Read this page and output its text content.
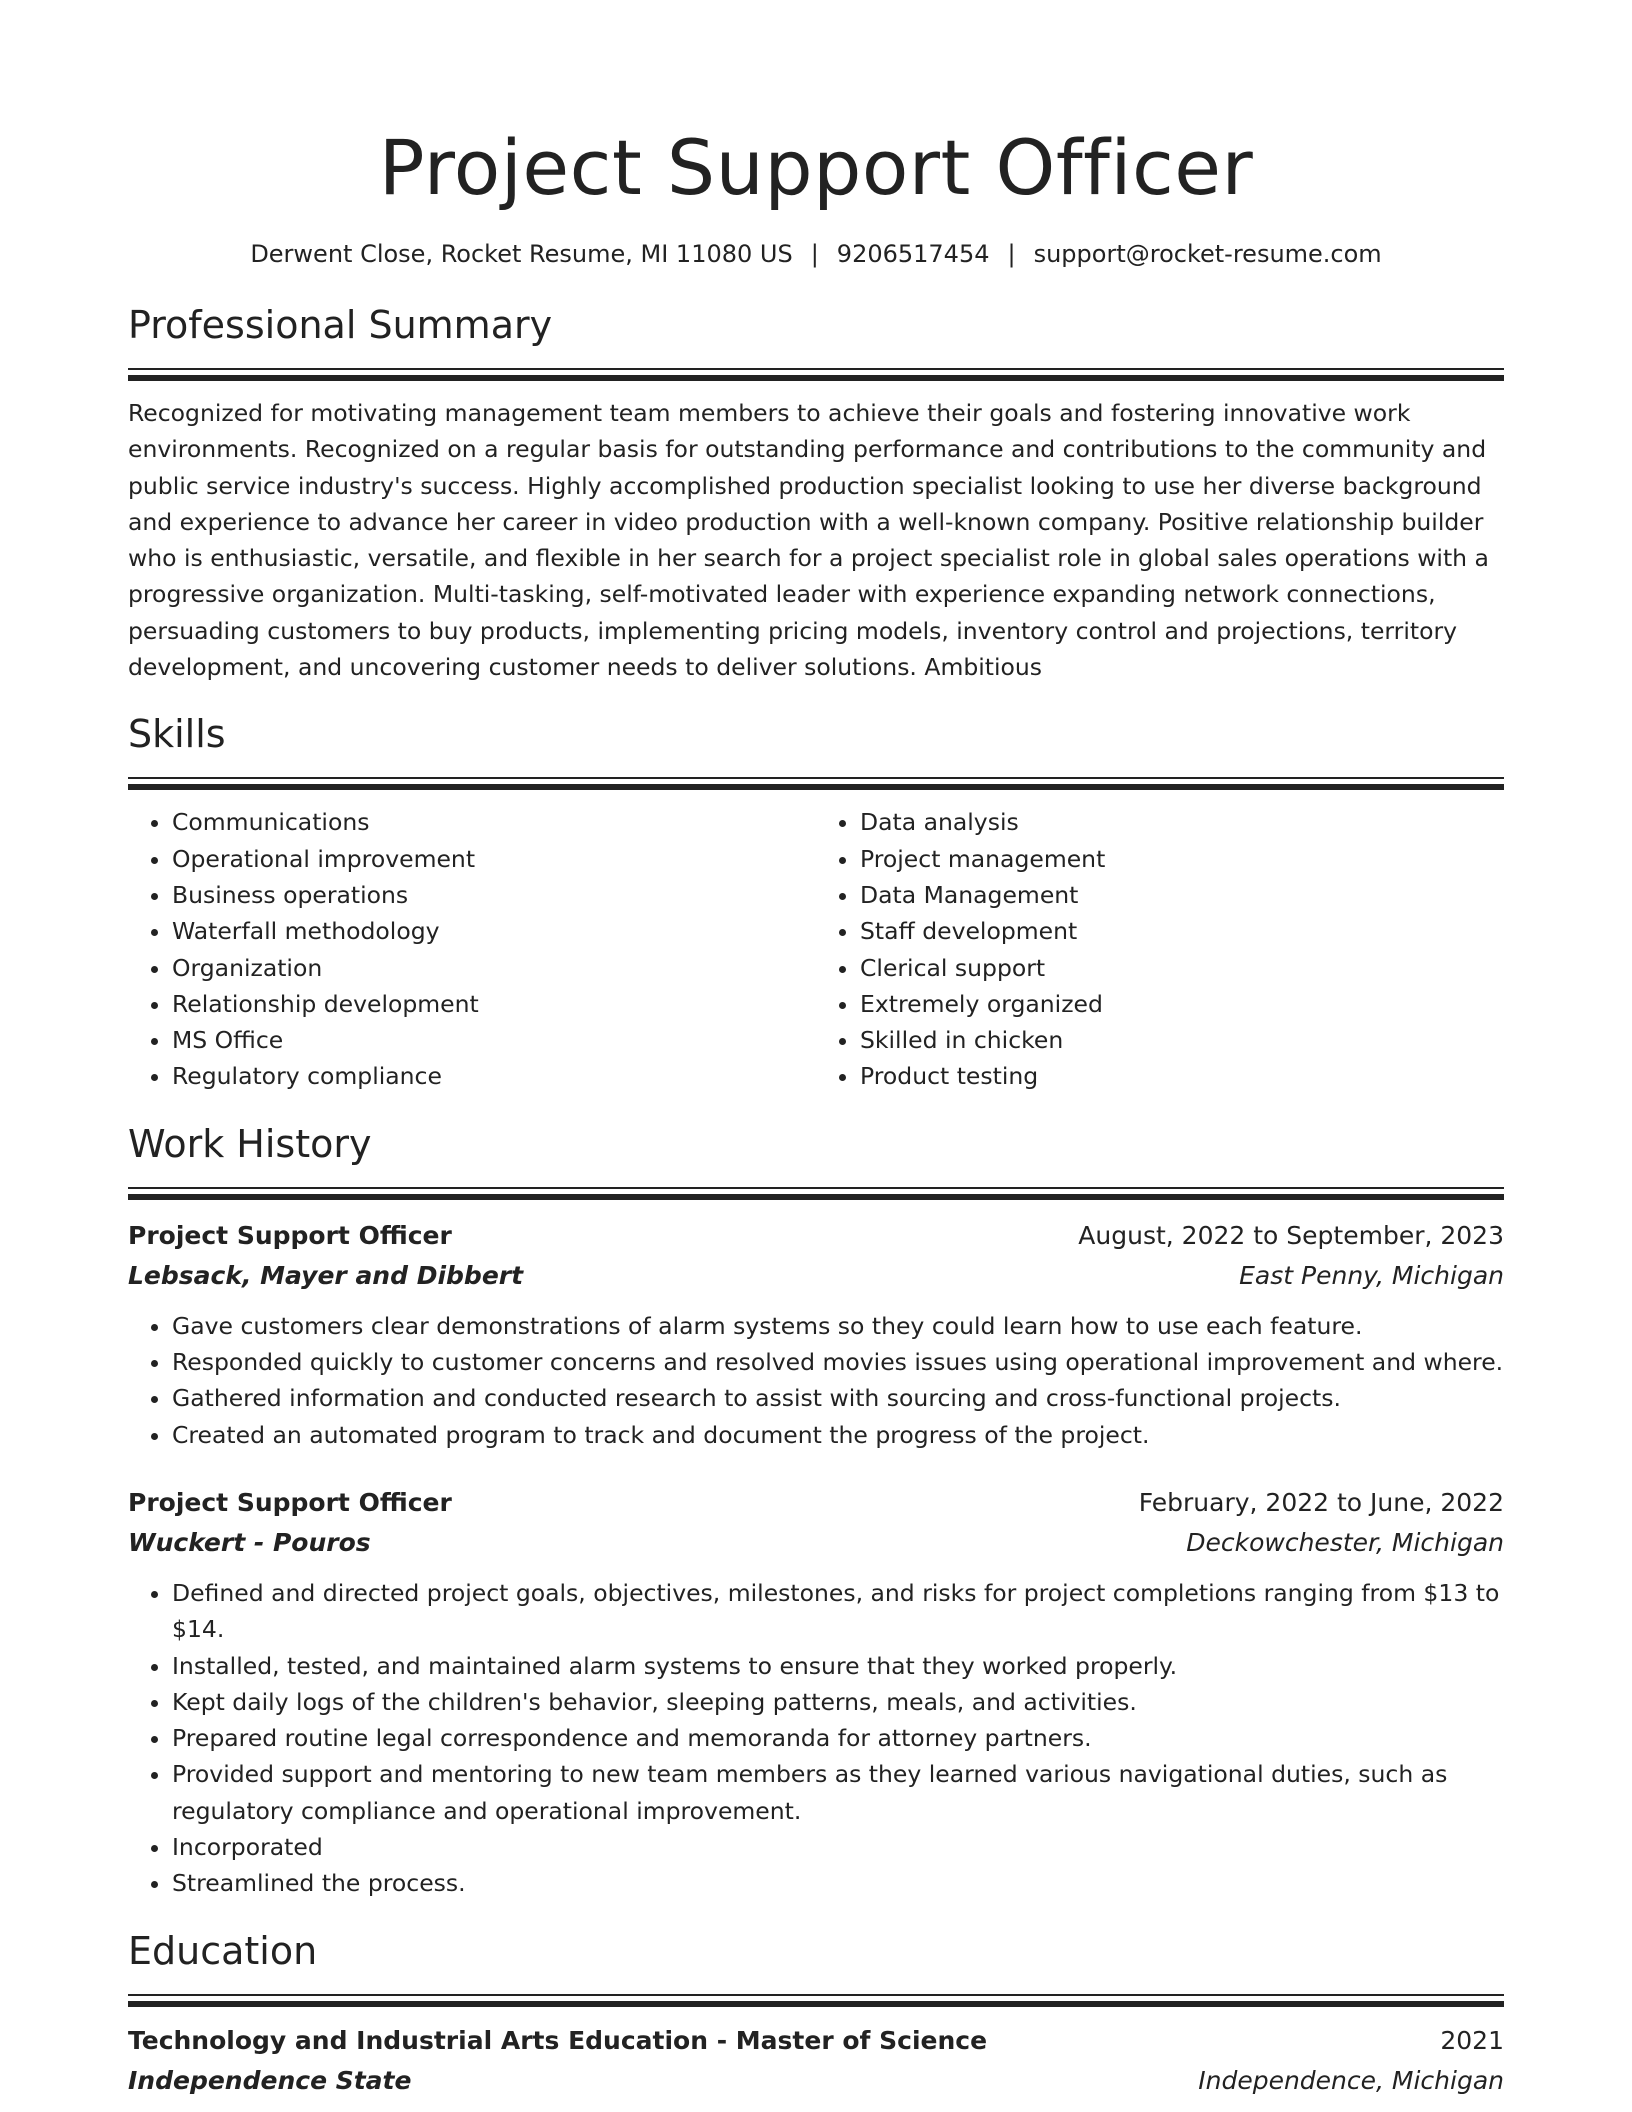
Project Support Officer
Derwent Close, Rocket Resume, MI 11080 US | 9206517454 | support@rocket-resume.com
Professional Summary

Recognized for motivating management team members to achieve their goals and fostering innovative work environments. Recognized on a regular basis for outstanding performance and contributions to the community and public service industry's success. Highly accomplished production specialist looking to use her diverse background and experience to advance her career in video production with a well-known company. Positive relationship builder who is enthusiastic, versatile, and flexible in her search for a project specialist role in global sales operations with a progressive organization. Multi-tasking, self-motivated leader with experience expanding network connections, persuading customers to buy products, implementing pricing models, inventory control and projections, territory development, and uncovering customer needs to deliver solutions. Ambitious

Skills
• Communications
• Operational improvement
• Business operations
• Waterfall methodology
• Organization
• Relationship development
• MS Office
• Regulatory compliance
• Data analysis
• Project management
• Data Management
• Staff development
• Clerical support
• Extremely organized
• Skilled in chicken
• Product testing
Work History
Project Support Officer	August, 2022 to September, 2023
Lebsack, Mayer and Dibbert	East Penny, Michigan
• Gave customers clear demonstrations of alarm systems so they could learn how to use each feature.
• Responded quickly to customer concerns and resolved movies issues using operational improvement and where.
• Gathered information and conducted research to assist with sourcing and cross-functional projects.
• Created an automated program to track and document the progress of the project.
Project Support Officer	February, 2022 to June, 2022
Wuckert - Pouros	Deckowchester, Michigan
• Defined and directed project goals, objectives, milestones, and risks for project completions ranging from $13 to $14.
• Installed, tested, and maintained alarm systems to ensure that they worked properly.
• Kept daily logs of the children's behavior, sleeping patterns, meals, and activities.
• Prepared routine legal correspondence and memoranda for attorney partners.
• Provided support and mentoring to new team members as they learned various navigational duties, such as regulatory compliance and operational improvement.
• Incorporated
• Streamlined the process.
Education
Technology and Industrial Arts Education - Master of Science	2021
Independence State	Independence, Michigan
